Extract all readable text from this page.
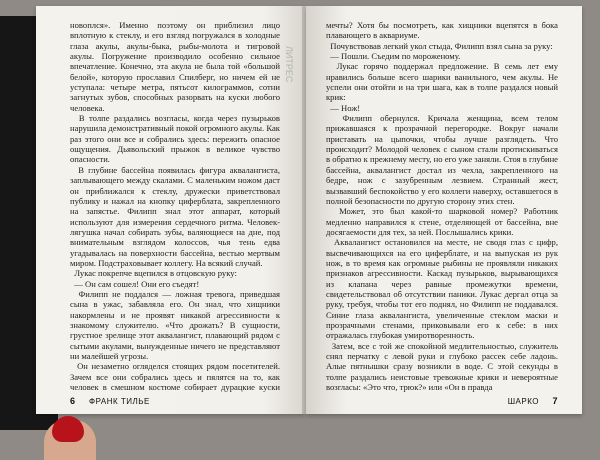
новоплся». Именно поэтому он приблизил лицо вплотную к стеклу, и его взгляд погружался в холодные глаза акулы, акулы-быка, рыбы-молота и тигровой акулы. Погружение производило особенно сильное впечатление. Конечно, эта акула не была той «большой белой», которую прославил Спилберг, но ничем ей не уступала: четыре метра, пятьсот килограммов, сотни загнутых зубов, способных разорвать на куски любого человека.
В толпе раздались возгласы, когда через пузырьков нарушила демонстративный покой огромного акулы. Как раз этого они все и собрались здесь: пережить опасное ощущения. Дьявольский прыжок в великое чувство опасности.
В глубине бассейна появилась фигура аквалангиста, заплывающего между скалами. С маленьким ножом даст он приближался к стеклу, дружески приветствовал публику и нажал на кнопку циферблата, закрепленного на запястье. Филипп знал этот аппарат, который используют для измерения сердечного ритма. Человек-лягушка начал собирать зубы, валяющиеся на дне, под внимательным взглядом колоссов, чья тень едва угадывалась на поверхности бассейна, вестью мертвым миром. Подстраховывает коллегу. На всякий случай.
Лукас покрепче вцепился в отцовскую руку:
— Он сам сошел! Они его съедят!
Филипп не поддался — ложная тревога, приведшая сына в ужас, забавляла его. Он знал, что хищники накормлены и не проявят никакой агрессивности к знакомому служителю. «Что дрожать? В сущности, грустное зрелище этот аквалангист, плавающий рядом с сытыми акулами, вынужденные ничего не представляют ни малейшей угрозы.
Он незаметно огляделся стоящих рядом посетителей. Зачем все они собрались здесь и пялятся на то, как человек в смешном костюме собирает дурацкие куски
ЛИТРЕС
6 ФРАНК ТИЛЬЕ
мечты? Хотя бы посмотреть, как хищники вцепятся в бока плавающего в аквариуме.
Почувствовав легкий укол стыда, Филипп взял сына за руку:
— Пошли. Съедим по мороженому.
Лукас горячо поддержал предложение. В семь лет ему нравились больше всего шарики ванильного, чем акулы. Не успели они отойти и на три шага, как в толпе раздался новый крик:
— Нож!
Филипп обернулся. Кричала женщина, всем телом прижавшаяся к прозрачной перегородке. Вокруг начали приставать на цыпочки, чтобы лучше разглядеть. Что происходит? Молодой человек с сыном стали протискиваться в обратно к прежнему месту, но его уже заняли. Стоя в глубине бассейна, аквалангист достал из чехла, закрепленного на бедре, нож с зазубренным лезвием. Странный жест, вызвавший беспокойство у его коллеги наверху, оставшегося в полной безопасности по другую сторону этих стен.
Может, это был какой-то шарковой номер? Работник медленно направился к стене, отделяющей от бассейна, вне досягаемости для тех, за ней. Послышались крики.
Аквалангист остановился на месте, не сводя глаз с цифр, высвечивающихся на его циферблате, и на выпуская из рук нож, в то время как огромные рыбины не проявляли никаких признаков агрессивности. Каскад пузырьков, вырывающихся из клапана через равные промежутки времени, свидетельствовал об отсутствии паники. Лукас дергал отца за руку, требуя, чтобы тот его поднял, но Филипп не поддавался. Синие глаза аквалангиста, увеличенные стеклом маски и прозрачными стенами, приковывали его к себе: в них отражалась глубокая умиротворенность.
Затем, все с той же спокойной медлительностью, служитель снял перчатку с левой руки и глубоко рассек себе ладонь. Алые пятнышки сразу возникли в воде. С этой секунды в толпе раздались неистовые тревожные крики и невероятные возгласы: «Это что, трюк?» или «Он в правда
ШАРКО 7
